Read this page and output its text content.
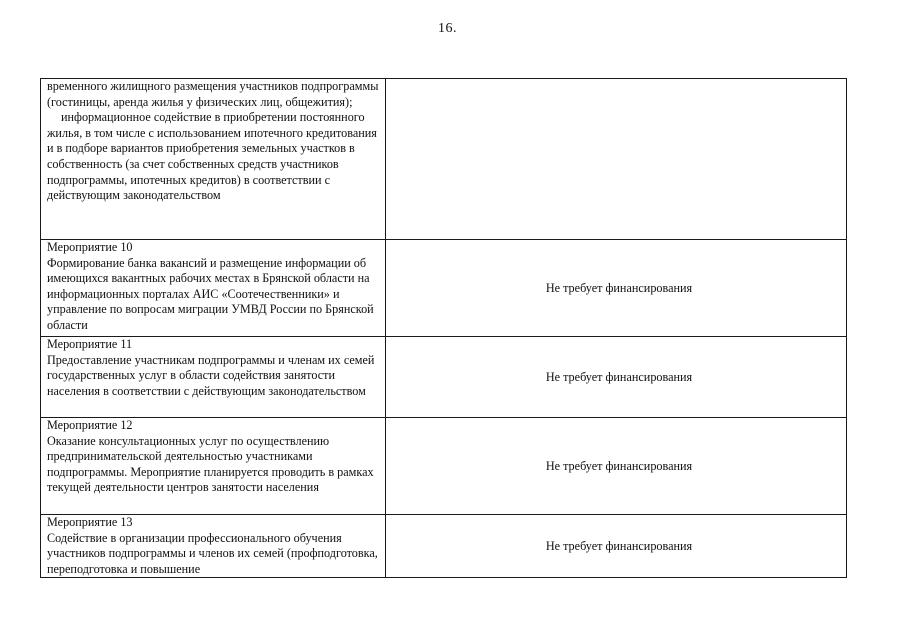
16.
временного жилищного размещения участников подпрограммы (гостиницы, аренда жилья у физических лиц, общежития);
информационное содействие в приобретении постоянного жилья, в том числе с использованием ипотечного кредитования и в подборе вариантов приобретения земельных участков в собственность (за счет собственных средств участников подпрограммы, ипотечных кредитов) в соответствии с действующим законодательством	

Мероприятие 10
Формирование банка вакансий и размещение информации об имеющихся вакантных рабочих местах в Брянской области на информационных порталах АИС «Соотечественники» и управление по вопросам миграции УМВД России по Брянской области	Не требует финансирования

Мероприятие 11
Предоставление участникам подпрограммы и членам их семей государственных услуг в области содействия занятости населения в соответствии с действующим законодательством	Не требует финансирования

Мероприятие 12
Оказание консультационных услуг по осуществлению предпринимательской деятельностью участниками подпрограммы. Мероприятие планируется проводить в рамках текущей деятельности центров занятости населения	Не требует финансирования

Мероприятие 13
Содействие в организации профессионального обучения участников подпрограммы и членов их семей (профподготовка, переподготовка и повышение	Не требует финансирования
